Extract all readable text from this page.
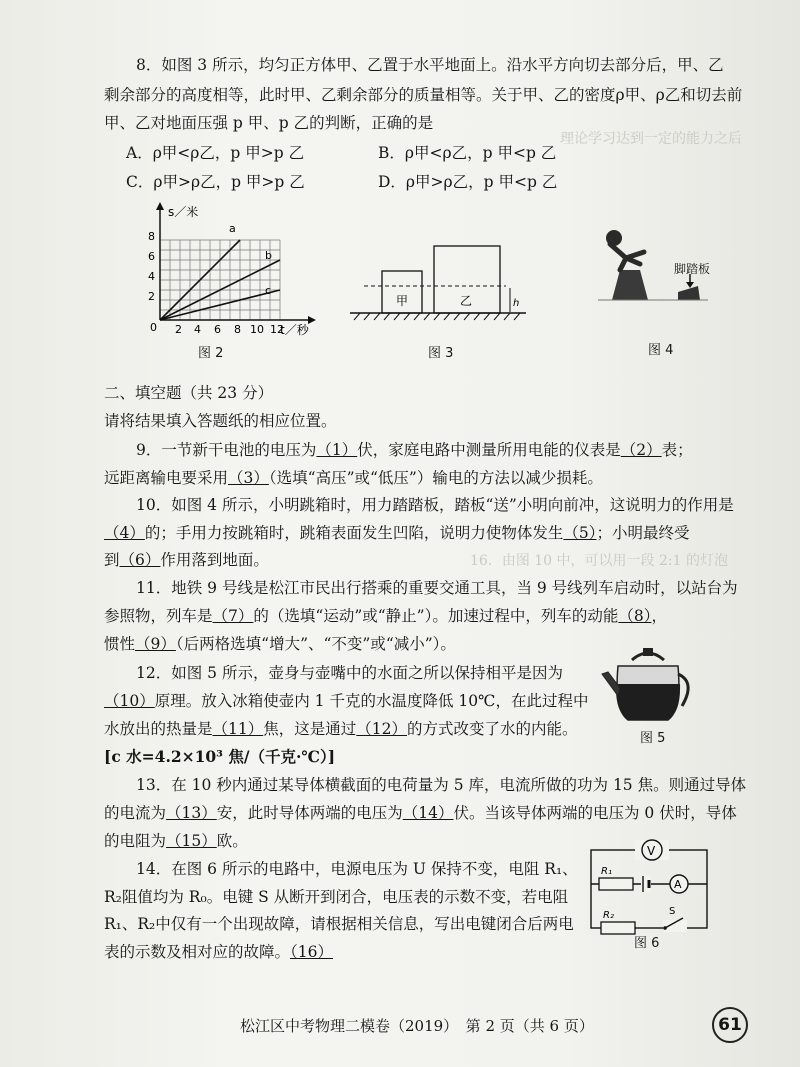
理论学习达到一定的能力之后
16．由图 10 中，可以用一段 2:1 的灯泡
8．如图 3 所示，均匀正方体甲、乙置于水平地面上。沿水平方向切去部分后，甲、乙
剩余部分的高度相等，此时甲、乙剩余部分的质量相等。关于甲、乙的密度ρ甲、ρ乙和切去前
甲、乙对地面压强 p 甲、p 乙的判断，正确的是
A．ρ甲<ρ乙，p 甲>p 乙	B．ρ甲<ρ乙，p 甲<p 乙
C．ρ甲>ρ乙，p 甲>p 乙	D．ρ甲>ρ乙，p 甲<p 乙
s／米
t／秒
8
6
4
2
0 2 4 6 8 10 12
a
b
c
图 2
甲	乙	h
图 3
脚踏板
图 4
二、填空题（共 23 分）
请将结果填入答题纸的相应位置。
9．一节新干电池的电压为（1）伏，家庭电路中测量所用电能的仪表是（2）表；
远距离输电要采用（3）（选填“高压”或“低压”）输电的方法以减少损耗。
10．如图 4 所示，小明跳箱时，用力踏踏板，踏板“送”小明向前冲，这说明力的作用是
（4）的；手用力按跳箱时，跳箱表面发生凹陷，说明力使物体发生（5）；小明最终受
到（6）作用落到地面。
11．地铁 9 号线是松江市民出行搭乘的重要交通工具，当 9 号线列车启动时，以站台为
参照物，列车是（7）的（选填“运动”或“静止”）。加速过程中，列车的动能（8），
惯性（9）（后两格选填“增大”、“不变”或“减小”）。
12．如图 5 所示，壶身与壶嘴中的水面之所以保持相平是因为
（10）原理。放入冰箱使壶内 1 千克的水温度降低 10℃，在此过程中
水放出的热量是（11）焦，这是通过（12）的方式改变了水的内能。
[c 水=4.2×10³ 焦/（千克·℃）]
图 5
13．在 10 秒内通过某导体横截面的电荷量为 5 库，电流所做的功为 15 焦。则通过导体
的电流为（13）安，此时导体两端的电压为（14）伏。当该导体两端的电压为 0 伏时，导体
的电阻为（15）欧。
14．在图 6 所示的电路中，电源电压为 U 保持不变，电阻 R₁、
R₂阻值均为 R₀。电键 S 从断开到闭合，电压表的示数不变，若电阻
R₁、R₂中仅有一个出现故障，请根据相关信息，写出电键闭合后两电
表的示数及相对应的故障。（16）
V
R₁
A
R₂	S
图 6
松江区中考物理二模卷（2019）　第 2 页（共 6 页）	61
